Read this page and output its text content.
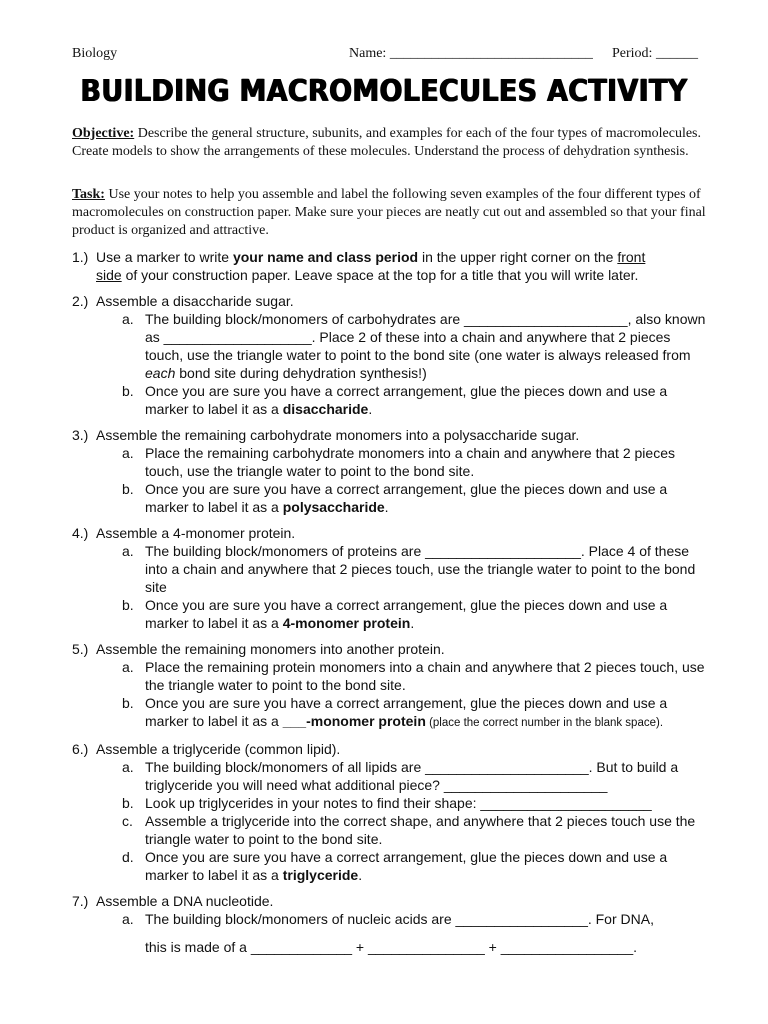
Biology	Name: _____________________________ Period: ______
BUILDING MACROMOLECULES ACTIVITY
Objective: Describe the general structure, subunits, and examples for each of the four types of macromolecules. Create models to show the arrangements of these molecules. Understand the process of dehydration synthesis.
Task: Use your notes to help you assemble and label the following seven examples of the four different types of macromolecules on construction paper. Make sure your pieces are neatly cut out and assembled so that your final product is organized and attractive.
1.) Use a marker to write your name and class period in the upper right corner on the front
side of your construction paper. Leave space at the top for a title that you will write later.
2.) Assemble a disaccharide sugar.
a. The building block/monomers of carbohydrates are _____________________, also known as ___________________. Place 2 of these into a chain and anywhere that 2 pieces touch, use the triangle water to point to the bond site (one water is always released from each bond site during dehydration synthesis!)
b. Once you are sure you have a correct arrangement, glue the pieces down and use a marker to label it as a disaccharide.
3.) Assemble the remaining carbohydrate monomers into a polysaccharide sugar.
a. Place the remaining carbohydrate monomers into a chain and anywhere that 2 pieces touch, use the triangle water to point to the bond site.
b. Once you are sure you have a correct arrangement, glue the pieces down and use a marker to label it as a polysaccharide.
4.) Assemble a 4-monomer protein.
a. The building block/monomers of proteins are ____________________. Place 4 of these into a chain and anywhere that 2 pieces touch, use the triangle water to point to the bond site
b. Once you are sure you have a correct arrangement, glue the pieces down and use a marker to label it as a 4-monomer protein.
5.) Assemble the remaining monomers into another protein.
a. Place the remaining protein monomers into a chain and anywhere that 2 pieces touch, use the triangle water to point to the bond site.
b. Once you are sure you have a correct arrangement, glue the pieces down and use a marker to label it as a ___-monomer protein (place the correct number in the blank space).
6.) Assemble a triglyceride (common lipid).
a. The building block/monomers of all lipids are _____________________. But to build a triglyceride you will need what additional piece? _____________________
b. Look up triglycerides in your notes to find their shape: ______________________
c. Assemble a triglyceride into the correct shape, and anywhere that 2 pieces touch use the triangle water to point to the bond site.
d. Once you are sure you have a correct arrangement, glue the pieces down and use a marker to label it as a triglyceride.
7.) Assemble a DNA nucleotide.
a. The building block/monomers of nucleic acids are _________________. For DNA,
this is made of a _____________ + _______________ + _________________.
